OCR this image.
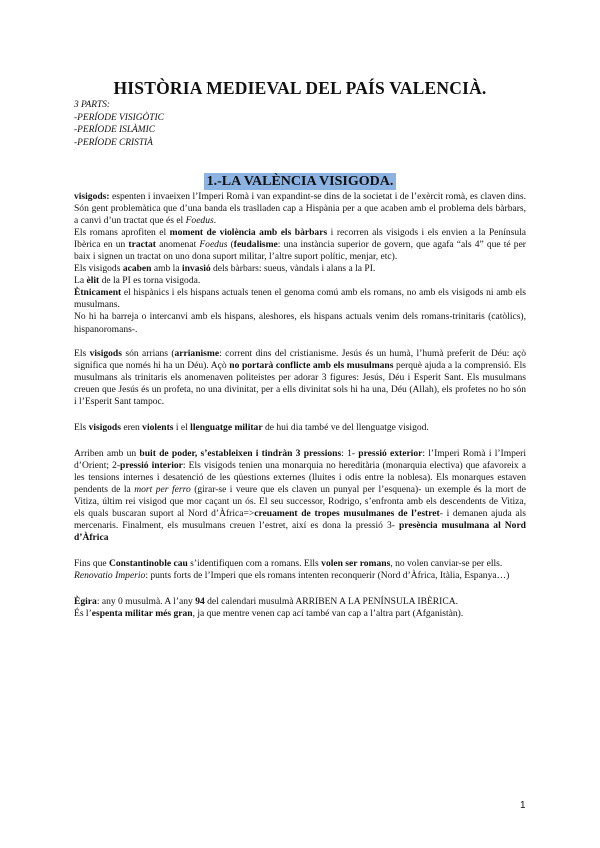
HISTÒRIA MEDIEVAL DEL PAÍS VALENCIÀ.
3 PARTS:
-PERÍODE VISIGÒTIC
-PERÍODE ISLÀMIC
-PERÍODE CRISTIÀ
1.-LA VALÈNCIA VISIGODA.

visigods: espenten i invaeixen l’Imperi Romà i van expandint-se dins de la societat i de l’exèrcit romà, es claven dins. Són gent problemàtica que d’una banda els traslladen cap a Hispània per a que acaben amb el problema dels bàrbars, a canvi d’un tractat que és el Foedus.

Els romans aprofiten el moment de violència amb els bàrbars i recorren als visigods i els envien a la Península Ibèrica en un tractat anomenat Foedus (feudalisme: una instància superior de govern, que agafa “als 4” que té per baix i signen un tractat on uno dona suport militar, l’altre suport polític, menjar, etc).

Els visigods acaben amb la invasió dels bàrbars: sueus, vàndals i alans a la PI.

La èlit de la PI es torna visigoda.

Ètnicament el hispànics i els hispans actuals tenen el genoma comú amb els romans, no amb els visigods ni amb els musulmans.

No hi ha barreja o intercanvi amb els hispans, aleshores, els hispans actuals venim dels romans-trinitaris (catòlics), hispanoromans-.

Els visigods són arrians (arrianisme: corrent dins del cristianisme. Jesús és un humà, l’humà preferit de Déu: açò significa que només hi ha un Déu). Açò no portarà conflicte amb els musulmans perquè ajuda a la comprensió. Els musulmans als trinitaris els anomenaven politeistes per adorar 3 figures: Jesús, Déu i Esperit Sant. Els musulmans creuen que Jesús és un profeta, no una divinitat, per a ells divinitat sols hi ha una, Déu (Allah), els profetes no ho són i l’Esperit Sant tampoc.

Els visigods eren violents i el llenguatge militar de hui dia també ve del llenguatge visigod.

Arriben amb un buit de poder, s’estableixen i tindràn 3 pressions: 1- pressió exterior: l’Imperi Romà i l’Imperi d’Orient; 2-pressió interior: Els visigods tenien una monarquia no hereditària (monarquia electiva) que afavoreix a les tensions internes i desatenció de les qüestions externes (lluites i odis entre la noblesa). Els monarques estaven pendents de la mort per ferro (girar-se i veure que els claven un punyal per l’esquena)- un exemple és la mort de Vitiza, últim rei visigod que mor caçant un ós. El seu successor, Rodrigo, s’enfronta amb els descendents de Vitiza, els quals buscaran suport al Nord d’Àfrica=>creuament de tropes musulmanes de l’estret- i demanen ajuda als mercenaris. Finalment, els musulmans creuen l’estret, així es dona la pressió 3- presència musulmana al Nord d’Àfrica

Fins que Constantinoble cau s’identifiquen com a romans. Ells volen ser romans, no volen canviar-se per ells.

Renovatio Imperio: punts forts de l’Imperi que els romans intenten reconquerir (Nord d’Àfrica, Itàlia, Espanya…)

Ègira: any 0 musulmà. A l’any 94 del calendari musulmà ARRIBEN A LA PENÍNSULA IBÈRICA.

És l’espenta militar més gran, ja que mentre venen cap ací també van cap a l’altra part (Afganistàn).

1
